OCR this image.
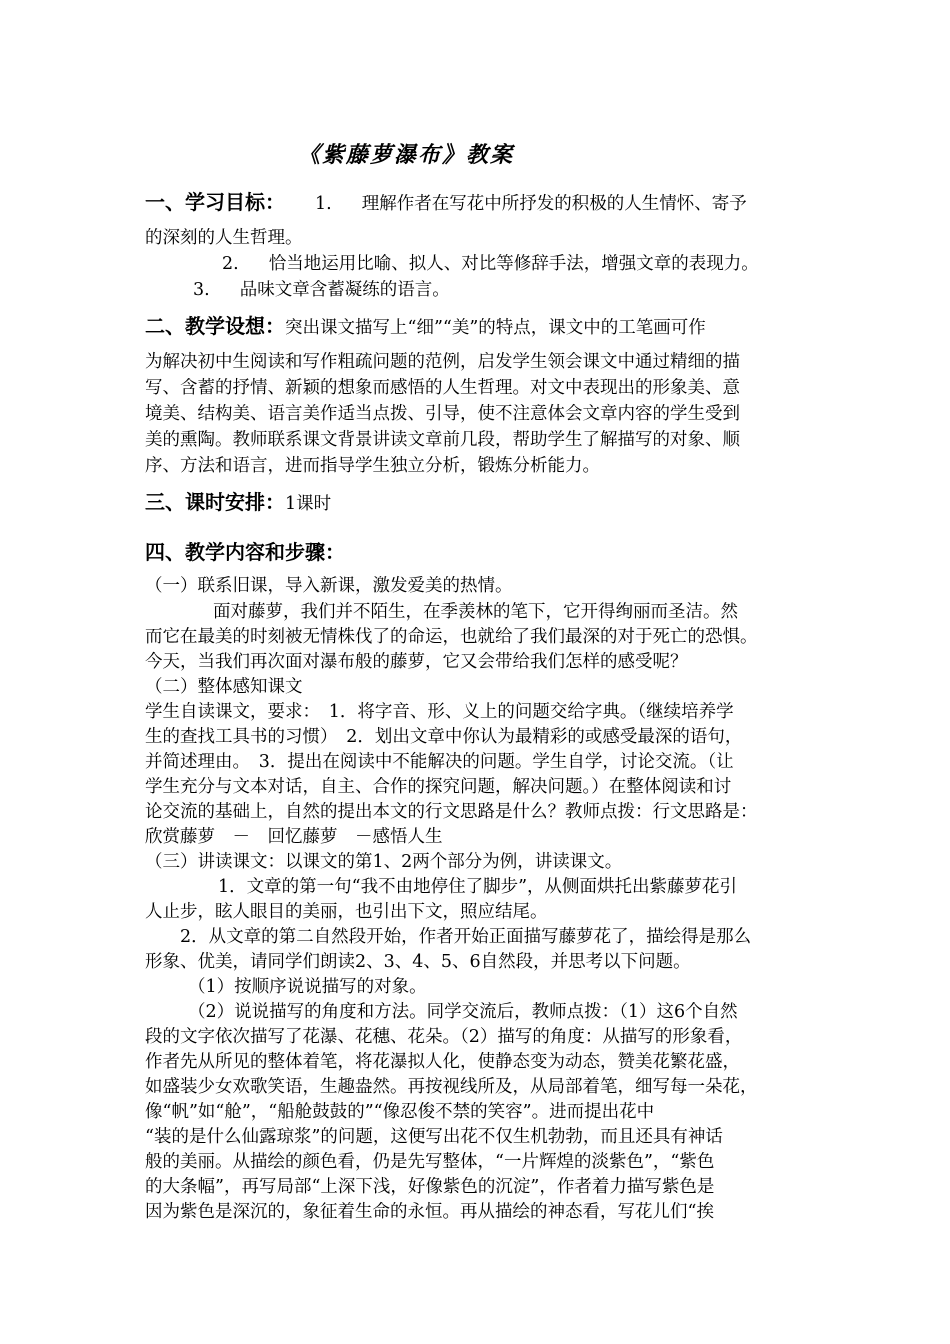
《紫藤萝瀑布》教案
一、学习目标： 1. 理解作者在写花中所抒发的积极的人生情怀、寄予
的深刻的人生哲理。
2. 恰当地运用比喻、拟人、对比等修辞手法，增强文章的表现力。
3. 品味文章含蓄凝练的语言。
二、教学设想：突出课文描写上“细”“美”的特点，课文中的工笔画可作
为解决初中生阅读和写作粗疏问题的范例，启发学生领会课文中通过精细的描
写、含蓄的抒情、新颖的想象而感悟的人生哲理。对文中表现出的形象美、意
境美、结构美、语言美作适当点拨、引导，使不注意体会文章内容的学生受到
美的熏陶。教师联系课文背景讲读文章前几段，帮助学生了解描写的对象、顺
序、方法和语言，进而指导学生独立分析，锻炼分析能力。
三、课时安排：1课时
四、教学内容和步骤：
（一）联系旧课，导入新课，激发爱美的热情。
面对藤萝，我们并不陌生，在季羡林的笔下，它开得绚丽而圣洁。然
而它在最美的时刻被无情株伐了的命运，也就给了我们最深的对于死亡的恐惧。
今天，当我们再次面对瀑布般的藤萝，它又会带给我们怎样的感受呢？
（二）整体感知课文
学生自读课文，要求：　1．将字音、形、义上的问题交给字典。（继续培养学
生的查找工具书的习惯）　2．划出文章中你认为最精彩的或感受最深的语句，
并简述理由。　3．提出在阅读中不能解决的问题。学生自学，讨论交流。（让
学生充分与文本对话，自主、合作的探究问题，解决问题。）在整体阅读和讨
论交流的基础上，自然的提出本文的行文思路是什么？教师点拨：行文思路是：
欣赏藤萝　－　回忆藤萝　－感悟人生
（三）讲读课文：以课文的第1、2两个部分为例，讲读课文。
1．文章的第一句“我不由地停住了脚步”，从侧面烘托出紫藤萝花引
人止步，眩人眼目的美丽，也引出下文，照应结尾。
2．从文章的第二自然段开始，作者开始正面描写藤萝花了，描绘得是那么
形象、优美，请同学们朗读2、3、4、5、6自然段，并思考以下问题。
（1）按顺序说说描写的对象。
（2）说说描写的角度和方法。同学交流后，教师点拨：（1）这6个自然
段的文字依次描写了花瀑、花穗、花朵。（2）描写的角度：从描写的形象看，
作者先从所见的整体着笔，将花瀑拟人化，使静态变为动态，赞美花繁花盛，
如盛装少女欢歌笑语，生趣盎然。再按视线所及，从局部着笔，细写每一朵花，
像“帆”如“舱”，“船舱鼓鼓的”“像忍俊不禁的笑容”。进而提出花中
“装的是什么仙露琼浆”的问题，这便写出花不仅生机勃勃，而且还具有神话
般的美丽。从描绘的颜色看，仍是先写整体，“一片辉煌的淡紫色”，“紫色
的大条幅”，再写局部“上深下浅，好像紫色的沉淀”，作者着力描写紫色是
因为紫色是深沉的，象征着生命的永恒。再从描绘的神态看，写花儿们“挨
